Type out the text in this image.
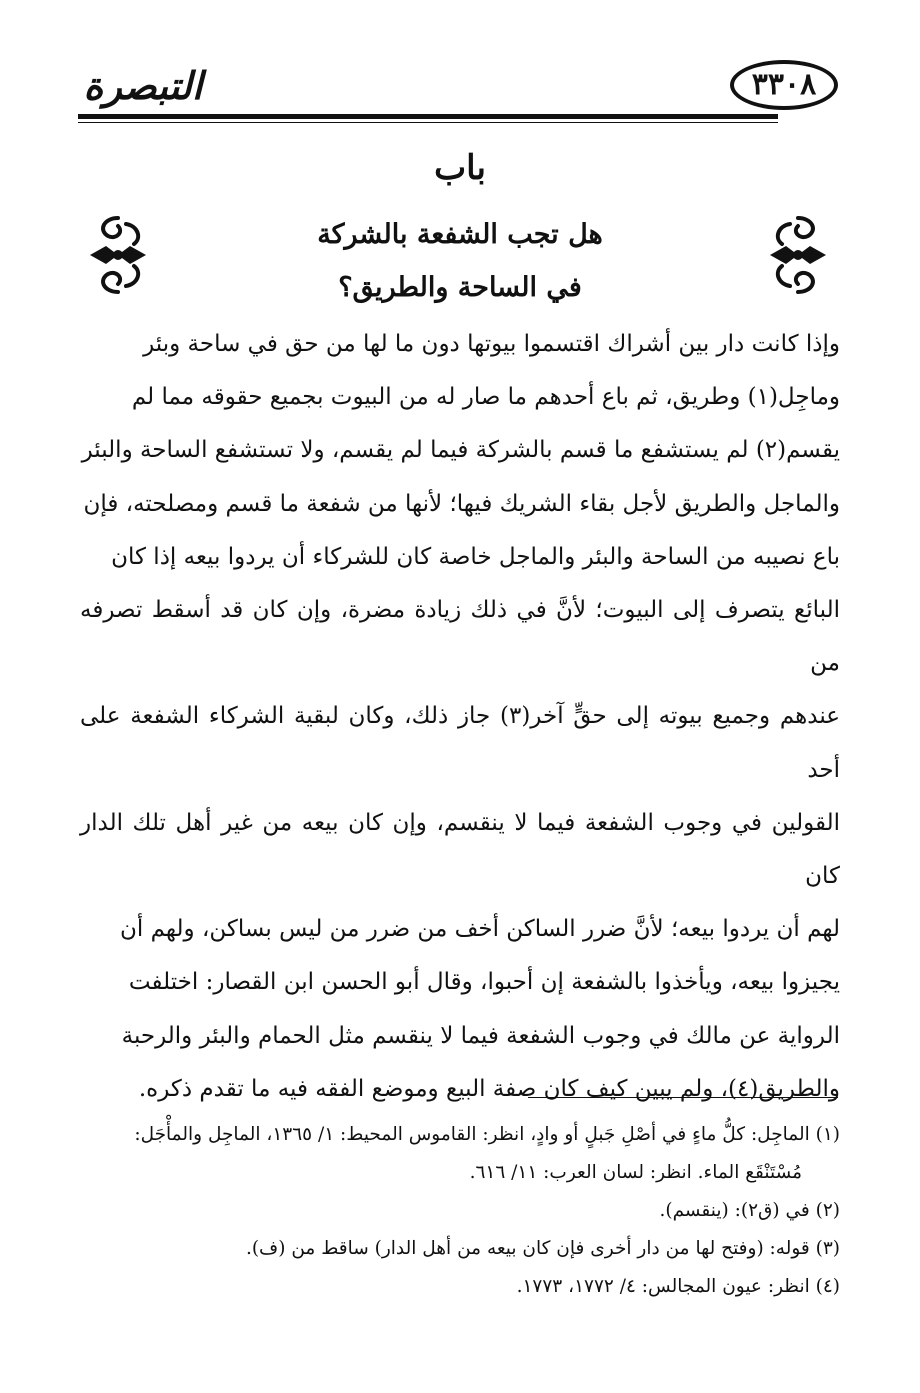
التبصرة	٣٣٠٨
باب
هل تجب الشفعة بالشركة
في الساحة والطريق؟
وإذا كانت دار بين أشراك اقتسموا بيوتها دون ما لها من حق في ساحة وبئر
وماجِل(١) وطريق، ثم باع أحدهم ما صار له من البيوت بجميع حقوقه مما لم
يقسم(٢) لم يستشفع ما قسم بالشركة فيما لم يقسم، ولا تستشفع الساحة والبئر
والماجل والطريق لأجل بقاء الشريك فيها؛ لأنها من شفعة ما قسم ومصلحته، فإن
باع نصيبه من الساحة والبئر والماجل خاصة كان للشركاء أن يردوا بيعه إذا كان
البائع يتصرف إلى البيوت؛ لأنَّ في ذلك زيادة مضرة، وإن كان قد أسقط تصرفه من
عندهم وجميع بيوته إلى حقٍّ آخر(٣) جاز ذلك، وكان لبقية الشركاء الشفعة على أحد
القولين في وجوب الشفعة فيما لا ينقسم، وإن كان بيعه من غير أهل تلك الدار كان
لهم أن يردوا بيعه؛ لأنَّ ضرر الساكن أخف من ضرر من ليس بساكن، ولهم أن
يجيزوا بيعه، ويأخذوا بالشفعة إن أحبوا، وقال أبو الحسن ابن القصار: اختلفت
الرواية عن مالك في وجوب الشفعة فيما لا ينقسم مثل الحمام والبئر والرحبة
والطريق(٤)، ولم يبين كيف كان صفة البيع وموضع الفقه فيه ما تقدم ذكره.

(١) الماجِل: كلُّ ماءٍ في أصْلِ جَبلٍ أو وادٍ، انظر: القاموس المحيط: ١/ ١٣٦٥، الماجِل والمأْجَل:

مُسْتَنْقَع الماء. انظر: لسان العرب: ١١/ ٦١٦.

(٢) في (ق٢): (ينقسم).

(٣) قوله: (وفتح لها من دار أخرى فإن كان بيعه من أهل الدار) ساقط من (ف).

(٤) انظر: عيون المجالس: ٤/ ١٧٧٢، ١٧٧٣.
